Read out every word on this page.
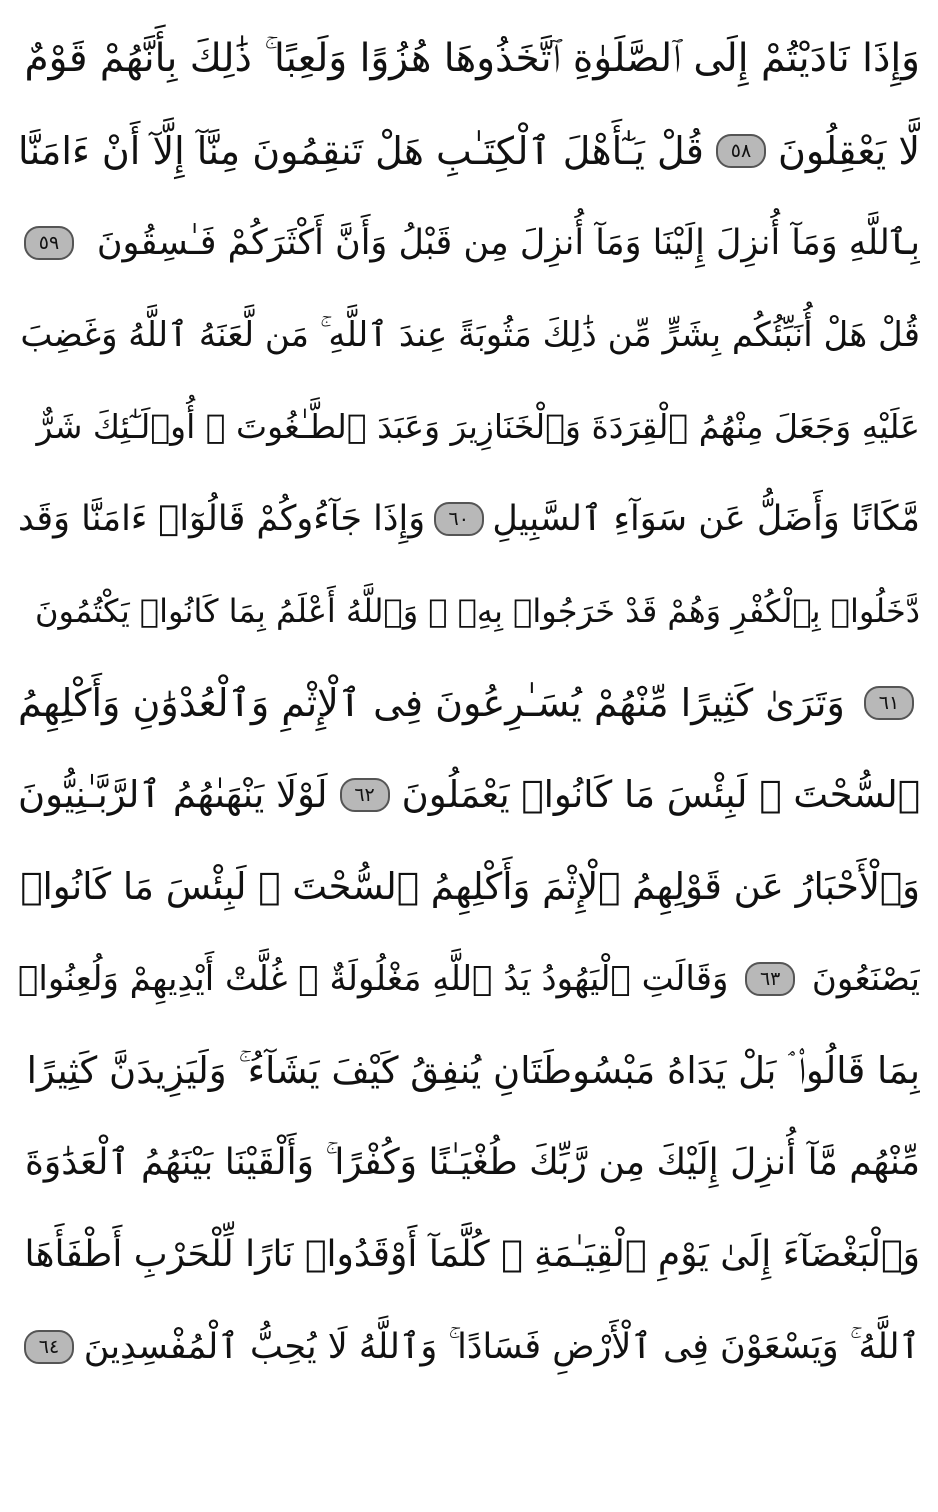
وَإِذَا نَادَيْتُمْ إِلَى ٱلصَّلَوٰةِ ٱتَّخَذُوهَا هُزُوًا وَلَعِبًا ۚ ذَٰلِكَ بِأَنَّهُمْ قَوْمٌ
لَّا يَعْقِلُونَ
٥٨
قُلْ يَـٰٓأَهْلَ ٱلْكِتَـٰبِ هَلْ تَنقِمُونَ مِنَّآ إِلَّآ أَنْ ءَامَنَّا
بِٱللَّهِ وَمَآ أُنزِلَ إِلَيْنَا وَمَآ أُنزِلَ مِن قَبْلُ وَأَنَّ أَكْثَرَكُمْ فَـٰسِقُونَ
٥٩
قُلْ هَلْ أُنَبِّئُكُم بِشَرٍّ مِّن ذَٰلِكَ مَثُوبَةً عِندَ ٱللَّهِ ۚ مَن لَّعَنَهُ ٱللَّهُ وَغَضِبَ
عَلَيْهِ وَجَعَلَ مِنْهُمُ ٱلْقِرَدَةَ وَٱلْخَنَازِيرَ وَعَبَدَ ٱلطَّـٰغُوتَ ۚ أُو۟لَـٰٓئِكَ شَرٌّ
مَّكَانًا وَأَضَلُّ عَن سَوَآءِ ٱلسَّبِيلِ
٦٠
وَإِذَا جَآءُوكُمْ قَالُوٓا۟ ءَامَنَّا وَقَد
دَّخَلُوا۟ بِٱلْكُفْرِ وَهُمْ قَدْ خَرَجُوا۟ بِهِۦ ۚ وَٱللَّهُ أَعْلَمُ بِمَا كَانُوا۟ يَكْتُمُونَ
٦١
وَتَرَىٰ كَثِيرًا مِّنْهُمْ يُسَـٰرِعُونَ فِى ٱلْإِثْمِ وَٱلْعُدْوَٰنِ وَأَكْلِهِمُ
ٱلسُّحْتَ ۚ لَبِئْسَ مَا كَانُوا۟ يَعْمَلُونَ
٦٢
لَوْلَا يَنْهَىٰهُمُ ٱلرَّبَّـٰنِيُّونَ
وَٱلْأَحْبَارُ عَن قَوْلِهِمُ ٱلْإِثْمَ وَأَكْلِهِمُ ٱلسُّحْتَ ۚ لَبِئْسَ مَا كَانُوا۟
يَصْنَعُونَ
٦٣
وَقَالَتِ ٱلْيَهُودُ يَدُ ٱللَّهِ مَغْلُولَةٌ ۚ غُلَّتْ أَيْدِيهِمْ وَلُعِنُوا۟
بِمَا قَالُوا۟ ۘ بَلْ يَدَاهُ مَبْسُوطَتَانِ يُنفِقُ كَيْفَ يَشَآءُ ۚ وَلَيَزِيدَنَّ كَثِيرًا
مِّنْهُم مَّآ أُنزِلَ إِلَيْكَ مِن رَّبِّكَ طُغْيَـٰنًا وَكُفْرًا ۚ وَأَلْقَيْنَا بَيْنَهُمُ ٱلْعَدَٰوَةَ
وَٱلْبَغْضَآءَ إِلَىٰ يَوْمِ ٱلْقِيَـٰمَةِ ۚ كُلَّمَآ أَوْقَدُوا۟ نَارًا لِّلْحَرْبِ أَطْفَأَهَا
ٱللَّهُ ۚ وَيَسْعَوْنَ فِى ٱلْأَرْضِ فَسَادًا ۚ وَٱللَّهُ لَا يُحِبُّ ٱلْمُفْسِدِينَ
٦٤
